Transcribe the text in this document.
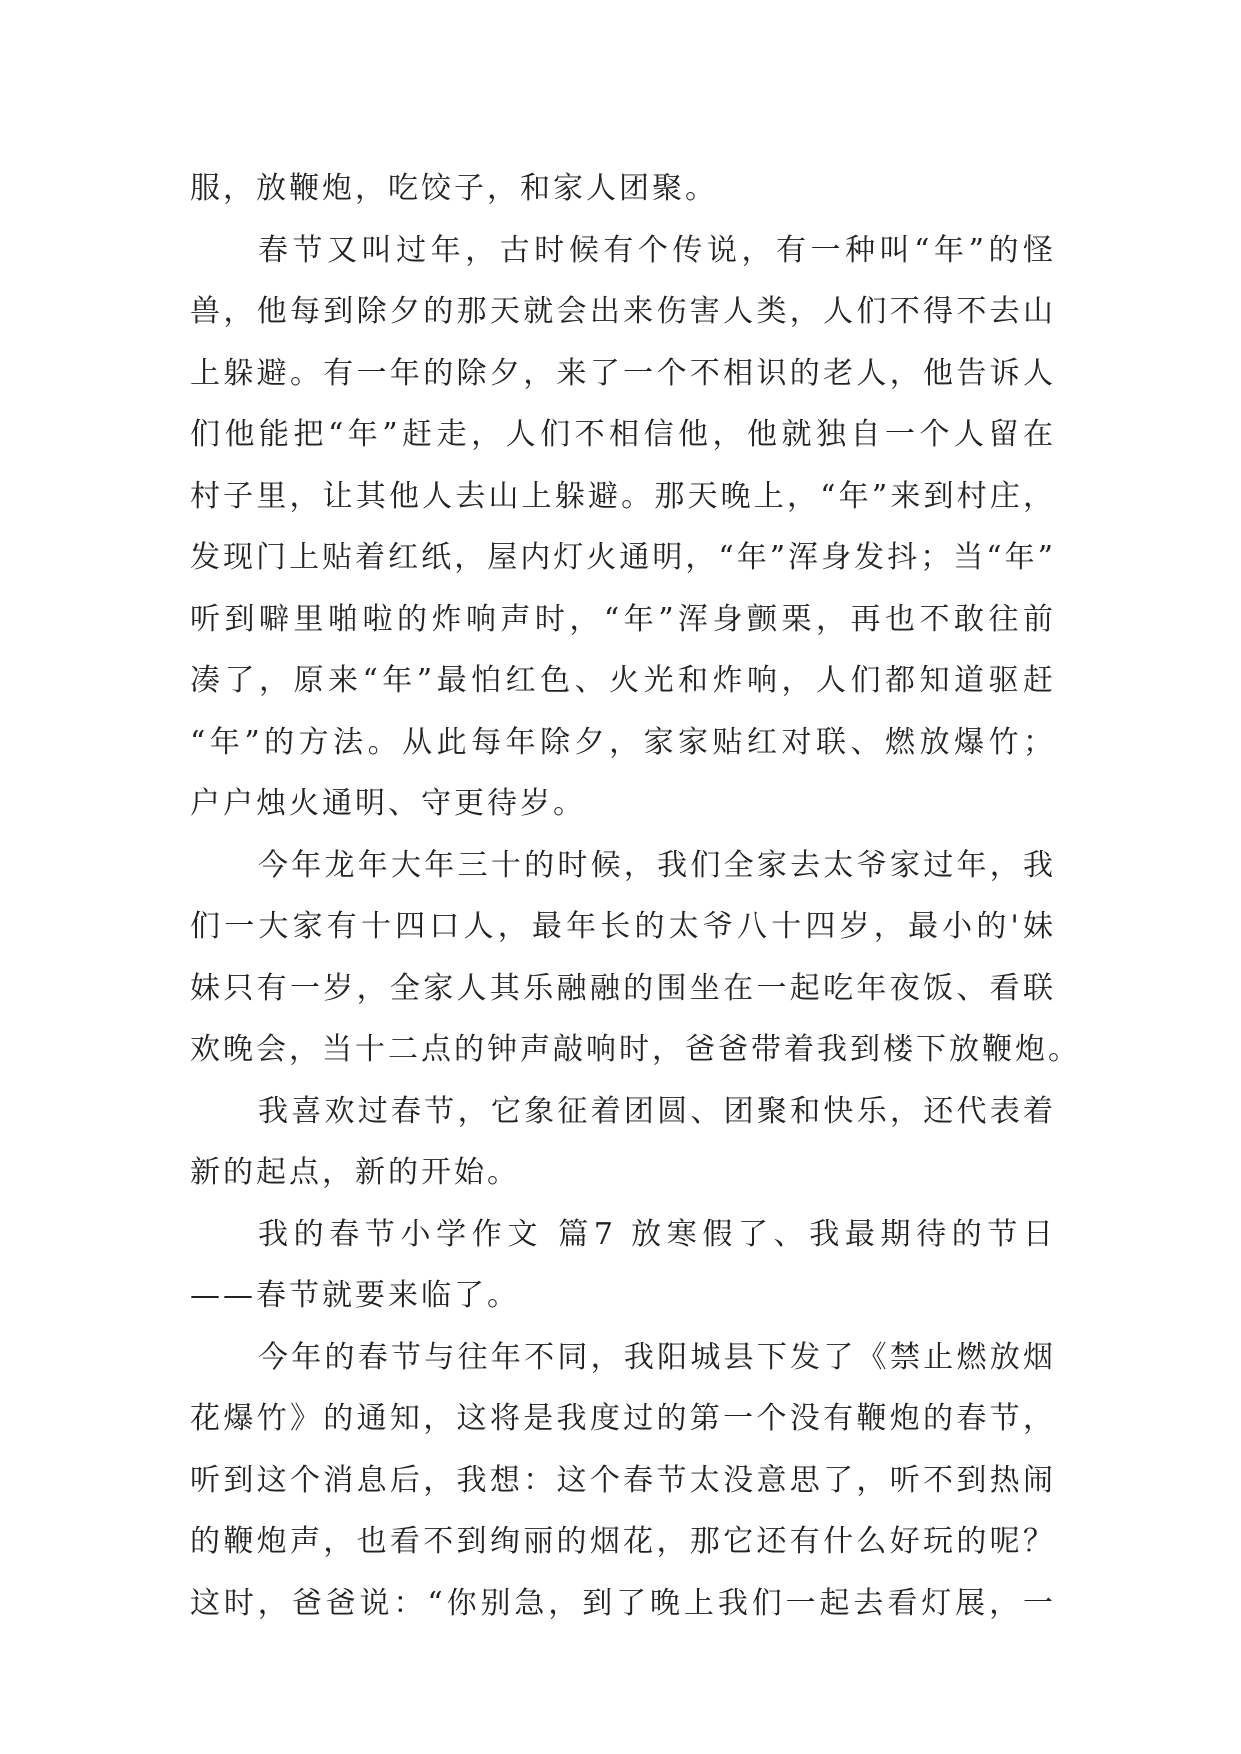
服，放鞭炮，吃饺子，和家人团聚。
春节又叫过年，古时候有个传说，有一种叫“年”的怪
兽，他每到除夕的那天就会出来伤害人类，人们不得不去山
上躲避。有一年的除夕，来了一个不相识的老人，他告诉人
们他能把“年”赶走，人们不相信他，他就独自一个人留在
村子里，让其他人去山上躲避。那天晚上，“年”来到村庄，
发现门上贴着红纸，屋内灯火通明，“年”浑身发抖；当“年”
听到噼里啪啦的炸响声时，“年”浑身颤栗，再也不敢往前
凑了，原来“年”最怕红色、火光和炸响，人们都知道驱赶
“年”的方法。从此每年除夕，家家贴红对联、燃放爆竹；
户户烛火通明、守更待岁。
今年龙年大年三十的时候，我们全家去太爷家过年，我
们一大家有十四口人，最年长的太爷八十四岁，最小的'妹
妹只有一岁，全家人其乐融融的围坐在一起吃年夜饭、看联
欢晚会，当十二点的钟声敲响时，爸爸带着我到楼下放鞭炮。
我喜欢过春节，它象征着团圆、团聚和快乐，还代表着
新的起点，新的开始。
我的春节小学作文 篇7 放寒假了、我最期待的节日
——春节就要来临了。
今年的春节与往年不同，我阳城县下发了《禁止燃放烟
花爆竹》的通知，这将是我度过的第一个没有鞭炮的春节，
听到这个消息后，我想：这个春节太没意思了，听不到热闹
的鞭炮声，也看不到绚丽的烟花，那它还有什么好玩的呢？
这时，爸爸说：“你别急，到了晚上我们一起去看灯展，一
